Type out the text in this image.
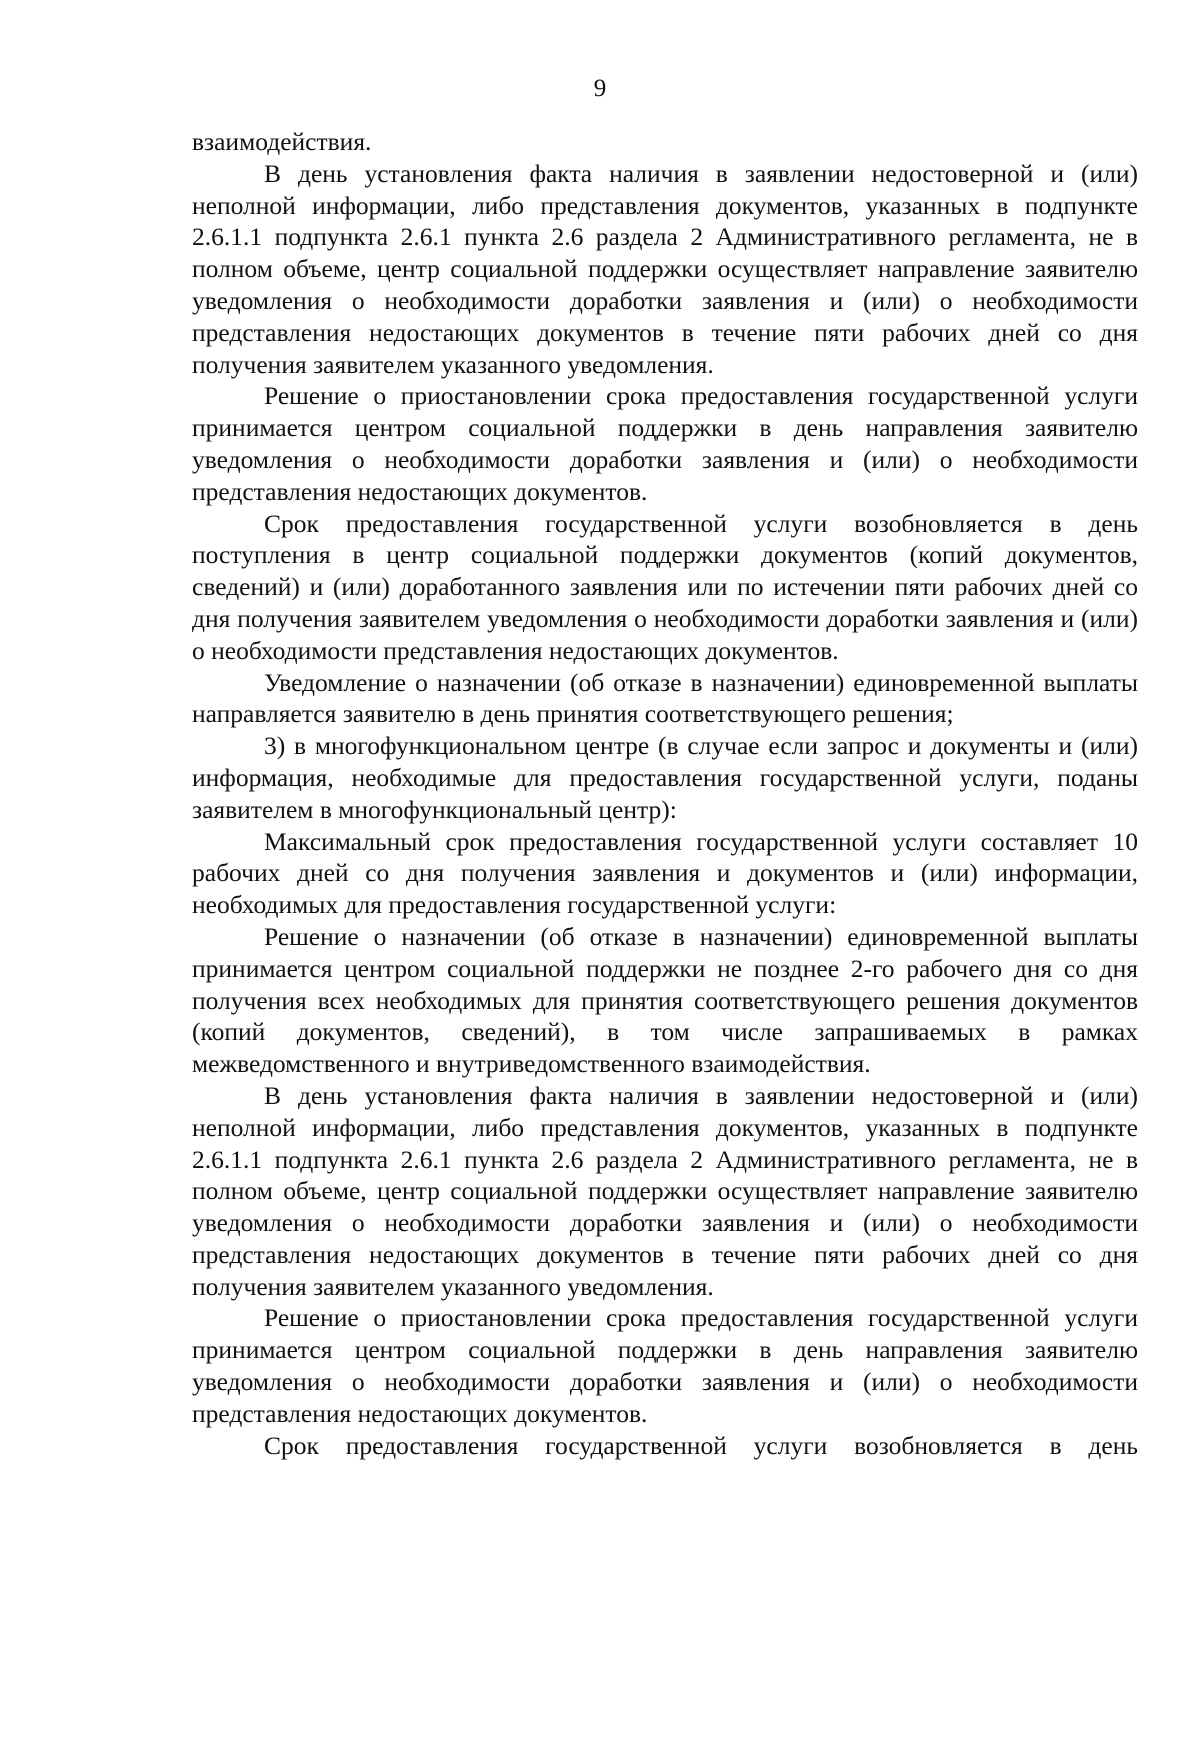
9

взаимодействия.

В день установления факта наличия в заявлении недостоверной и (или) неполной информации, либо представления документов, указанных в подпункте 2.6.1.1 подпункта 2.6.1 пункта 2.6 раздела 2 Административного регламента, не в полном объеме, центр социальной поддержки осуществляет направление заявителю уведомления о необходимости доработки заявления и (или) о необходимости представления недостающих документов в течение пяти рабочих дней со дня получения заявителем указанного уведомления.

Решение о приостановлении срока предоставления государственной услуги принимается центром социальной поддержки в день направления заявителю уведомления о необходимости доработки заявления и (или) о необходимости представления недостающих документов.

Срок предоставления государственной услуги возобновляется в день поступления в центр социальной поддержки документов (копий документов, сведений) и (или) доработанного заявления или по истечении пяти рабочих дней со дня получения заявителем уведомления о необходимости доработки заявления и (или) о необходимости представления недостающих документов.

Уведомление о назначении (об отказе в назначении) единовременной выплаты направляется заявителю в день принятия соответствующего решения;

3) в многофункциональном центре (в случае если запрос и документы и (или) информация, необходимые для предоставления государственной услуги, поданы заявителем в многофункциональный центр):

Максимальный срок предоставления государственной услуги составляет 10 рабочих дней со дня получения заявления и документов и (или) информации, необходимых для предоставления государственной услуги:

Решение о назначении (об отказе в назначении) единовременной выплаты принимается центром социальной поддержки не позднее 2-го рабочего дня со дня получения всех необходимых для принятия соответствующего решения документов (копий документов, сведений), в том числе запрашиваемых в рамках межведомственного и внутриведомственного взаимодействия.

В день установления факта наличия в заявлении недостоверной и (или) неполной информации, либо представления документов, указанных в подпункте 2.6.1.1 подпункта 2.6.1 пункта 2.6 раздела 2 Административного регламента, не в полном объеме, центр социальной поддержки осуществляет направление заявителю уведомления о необходимости доработки заявления и (или) о необходимости представления недостающих документов в течение пяти рабочих дней со дня получения заявителем указанного уведомления.

Решение о приостановлении срока предоставления государственной услуги принимается центром социальной поддержки в день направления заявителю уведомления о необходимости доработки заявления и (или) о необходимости представления недостающих документов.

Срок предоставления государственной услуги возобновляется в день
